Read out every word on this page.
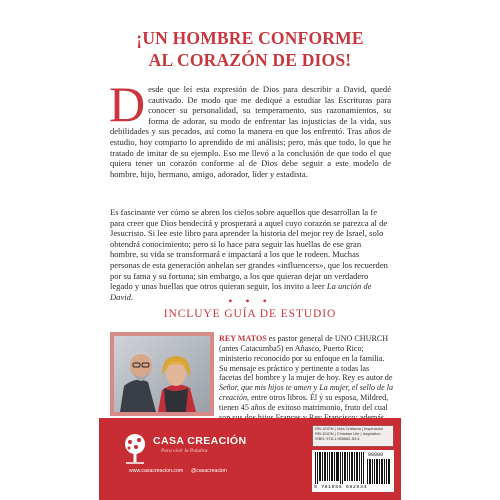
¡UN HOMBRE CONFORME
AL CORAZÓN DE DIOS!
Desde que leí esta expresión de Dios para describir a David, quedé cautivado. De modo que me dediqué a estudiar las Escrituras para conocer su personalidad, su temperamento, sus razonamientos, su forma de adorar, su modo de enfrentar las injusticias de la vida, sus debilidades y sus pecados, así como la manera en que los enfrentó. Tras años de estudio, hoy comparto lo aprendido de mi análisis; pero, más que todo, lo que he tratado de imitar de su ejemplo. Eso me llevó a la conclusión de que todo el que quiera tener un corazón conforme al de Dios debe seguir a este modelo de hombre, hijo, hermano, amigo, adorador, líder y estadista.
Es fascinante ver cómo se abren los cielos sobre aquellos que desarrollan la fe para creer que Dios bendecirá y prosperará a aquel cuyo corazón se parezca al de Jesucristo. Si lee este libro para aprender la historia del mejor rey de Israel, solo obtendrá conocimiento; pero si lo hace para seguir las huellas de ese gran hombre, su vida se transformará e impactará a los que le rodeen. Muchas personas de esta generación anhelan ser grandes «influencers», que los recuerden por su fama y su fortuna; sin embargo, a los que quieran dejar un verdadero legado y unas huellas que otros quieran seguir, los invito a leer La unción de David.	• • •
INCLUYE GUÍA DE ESTUDIO
REY MATOS es pastor general de UNO CHURCH (antes Catacumba5) en Añasco, Puerto Rico; ministerio reconocido por su enfoque en la familia. Su mensaje es práctico y pertinente a todas las facetas del hombre y la mujer de hoy. Rey es autor de Señor, que mis hijos te amen y La mujer, el sello de la creación, entre otros libros. Él y su esposa, Mildred, tienen 45 años de exitoso matrimonio, fruto del cual
CASA CREACIÓN
Para vivir la Palabra
www.casacreacion.com @casacreacion
RELIGIÓN | Vida Cristiana | Inspiración
RELIGION | Christian Life | Inspiration
ISBN: 978-1-955682-53-4
90000
9 781955 682534
